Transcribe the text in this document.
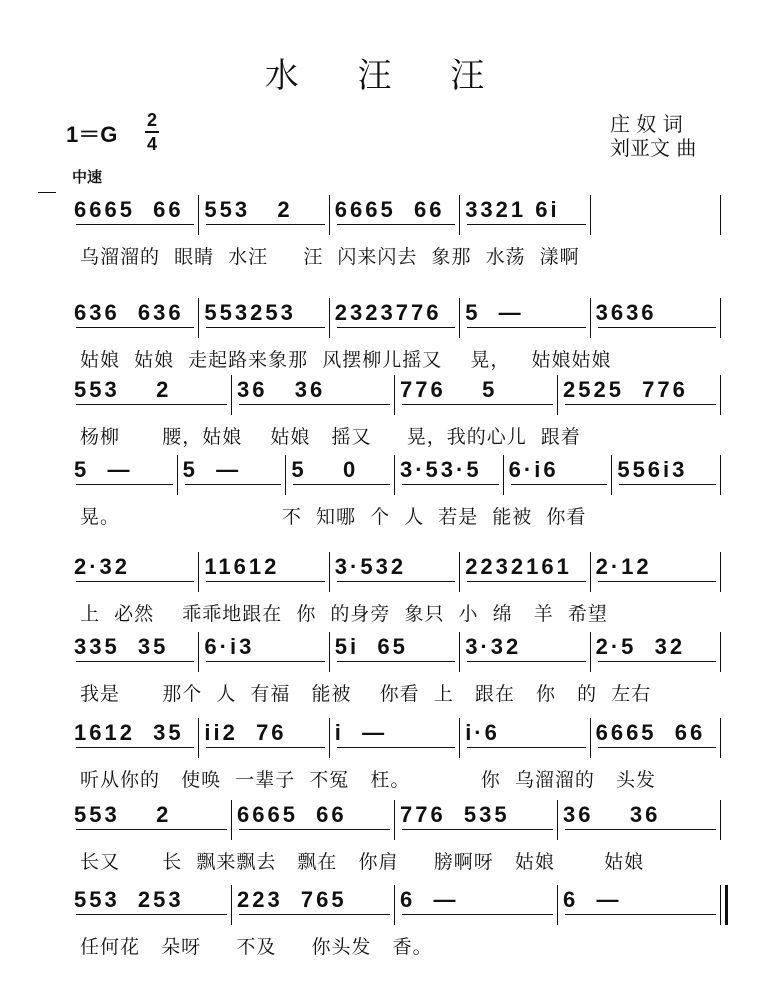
水 汪 汪
1＝G
2
4
庄 奴 词
刘亚文 曲
中速
6665  66 553   2	6665  66 3321 6i
乌溜溜的  眼睛  水汪     汪  闪来闪去  象那  水荡  漾啊
636  636 553253	2323776	5  —	3636
姑娘  姑娘  走起路来象那  风摆柳儿摇又    晃，   姑娘姑娘
553    2	36   36	776    5	2525  776
杨柳      腰，姑娘    姑娘   摇又     晃，我的心儿  跟着
5  —	5  —	5    0	3·53·5	6·i6	556i3
晃。                       不  知哪  个  人  若是  能被  你看
2·32	11612	3·532	2232161	2·12
上  必然    乖乖地跟在  你  的身旁  象只  小  绵   羊  希望
335  35	6·i3	5i  65	3·32	2·5  32
我是      那个  人  有福   能被    你看  上   跟在   你   的  左右
1612  35 ii2  76	i  —	i·6	6665  66
听从你的   使唤  一辈子  不冤   枉。          你  乌溜溜的   头发
553    2	6665  66	776  535	36    36
长又      长  飘来飘去   飘在   你肩     膀啊呀   姑娘       姑娘
553  253	223  765	6  —	6  —
任何花   朵呀     不及     你头发   香。
